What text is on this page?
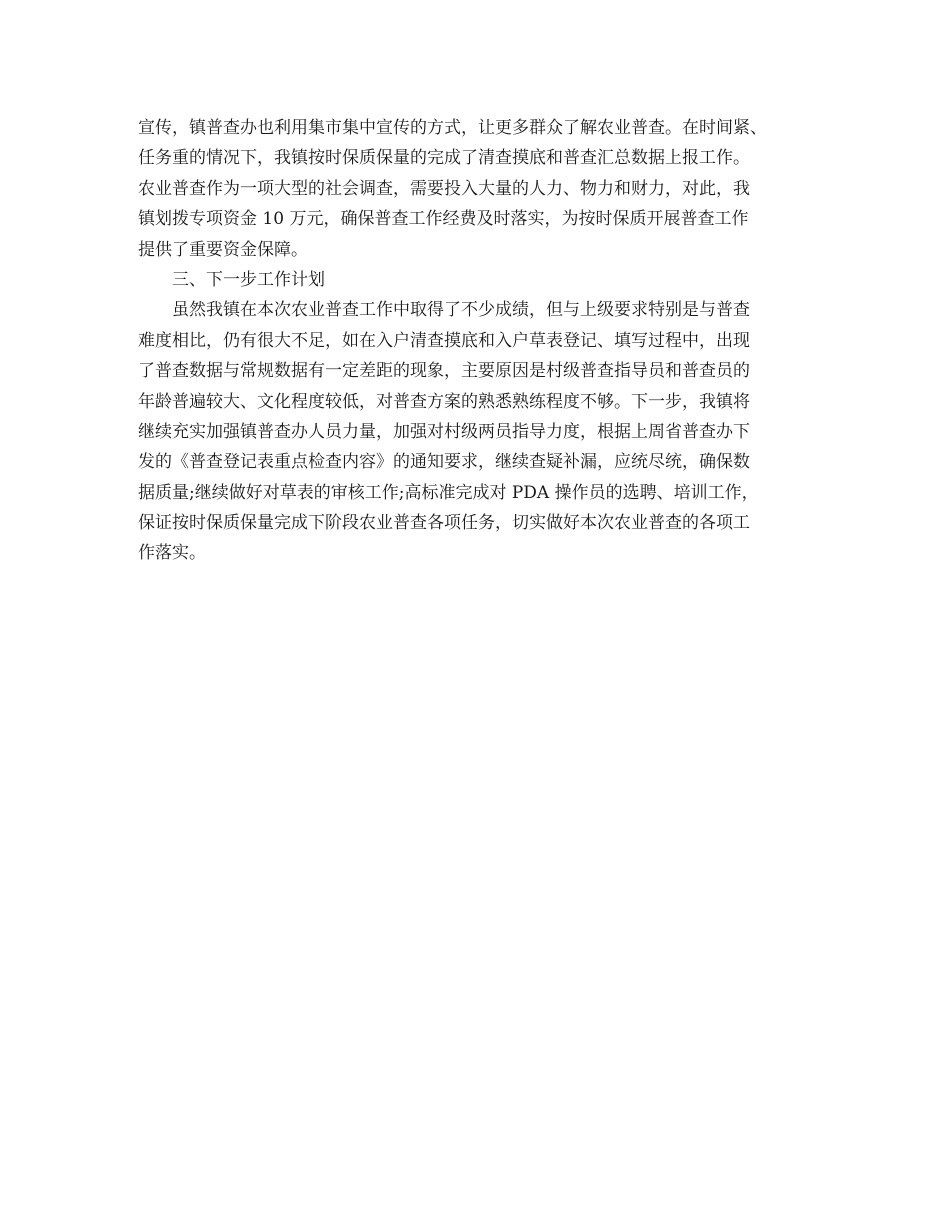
宣传，镇普查办也利用集市集中宣传的方式，让更多群众了解农业普查。在时间紧、

任务重的情况下，我镇按时保质保量的完成了清查摸底和普查汇总数据上报工作。

农业普查作为一项大型的社会调查，需要投入大量的人力、物力和财力，对此，我

镇划拨专项资金 10 万元，确保普查工作经费及时落实，为按时保质开展普查工作

提供了重要资金保障。

三、下一步工作计划

虽然我镇在本次农业普查工作中取得了不少成绩，但与上级要求特别是与普查

难度相比，仍有很大不足，如在入户清查摸底和入户草表登记、填写过程中，出现

了普查数据与常规数据有一定差距的现象，主要原因是村级普查指导员和普查员的

年龄普遍较大、文化程度较低，对普查方案的熟悉熟练程度不够。下一步，我镇将

继续充实加强镇普查办人员力量，加强对村级两员指导力度，根据上周省普查办下

发的《普查登记表重点检查内容》的通知要求，继续查疑补漏，应统尽统，确保数

据质量;继续做好对草表的审核工作;高标准完成对 PDA 操作员的选聘、培训工作，

保证按时保质保量完成下阶段农业普查各项任务，切实做好本次农业普查的各项工

作落实。
